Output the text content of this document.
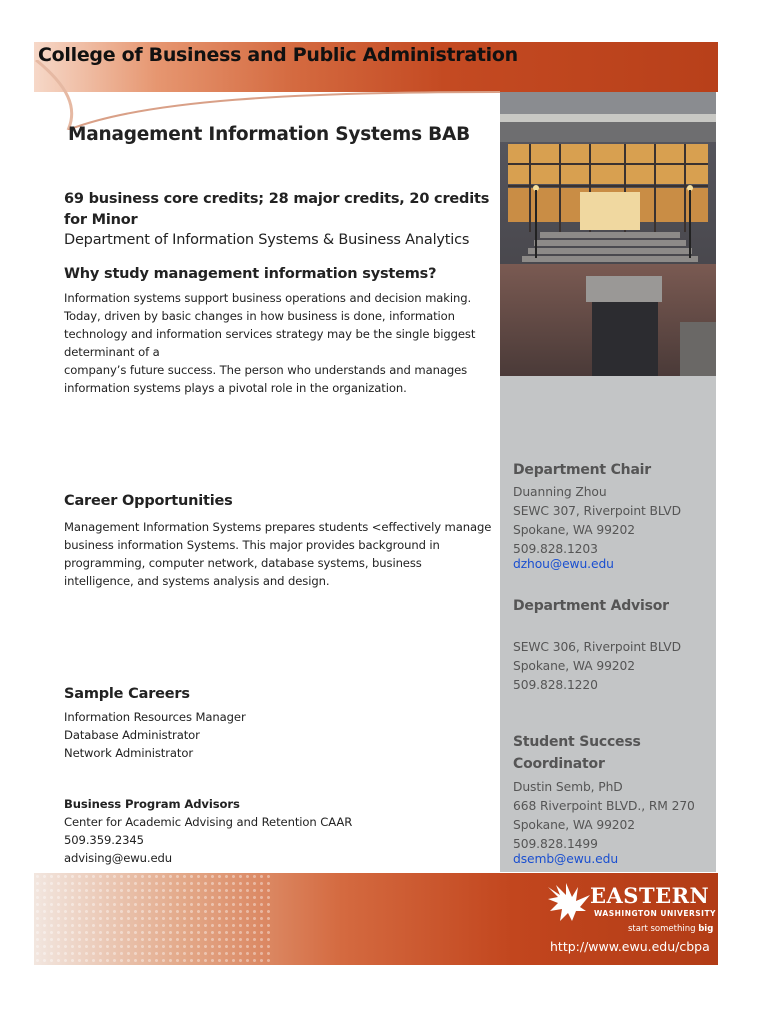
College of Business and Public Administration
Management Information Systems BAB
69 business core credits; 28 major credits, 20 credits for Minor
Department of Information Systems & Business Analytics
Why study management information systems?
Information systems support business operations and decision making.
Today, driven by basic changes in how business is done, information
technology and information services strategy may be the single biggest
determinant of a
company’s future success. The person who understands and manages
information systems plays a pivotal role in the organization.
Career Opportunities
Management Information Systems prepares students <effectively manage
business information Systems. This major provides background in
programming, computer network, database systems, business
intelligence, and systems analysis and design.
Sample Careers
Information Resources Manager
Database Administrator
Network Administrator
Business Program Advisors
Center for Academic Advising and Retention CAAR
509.359.2345
advising@ewu.edu
Department Chair
Duanning Zhou
SEWC 307, Riverpoint BLVD
Spokane, WA 99202
509.828.1203
dzhou@ewu.edu
Department Advisor
SEWC 306, Riverpoint BLVD
Spokane, WA 99202
509.828.1220
Student Success
Coordinator
Dustin Semb, PhD
668 Riverpoint BLVD., RM 270
Spokane, WA 99202
509.828.1499
dsemb@ewu.edu
EASTERN
WASHINGTON UNIVERSITY
start something big
http://www.ewu.edu/cbpa
